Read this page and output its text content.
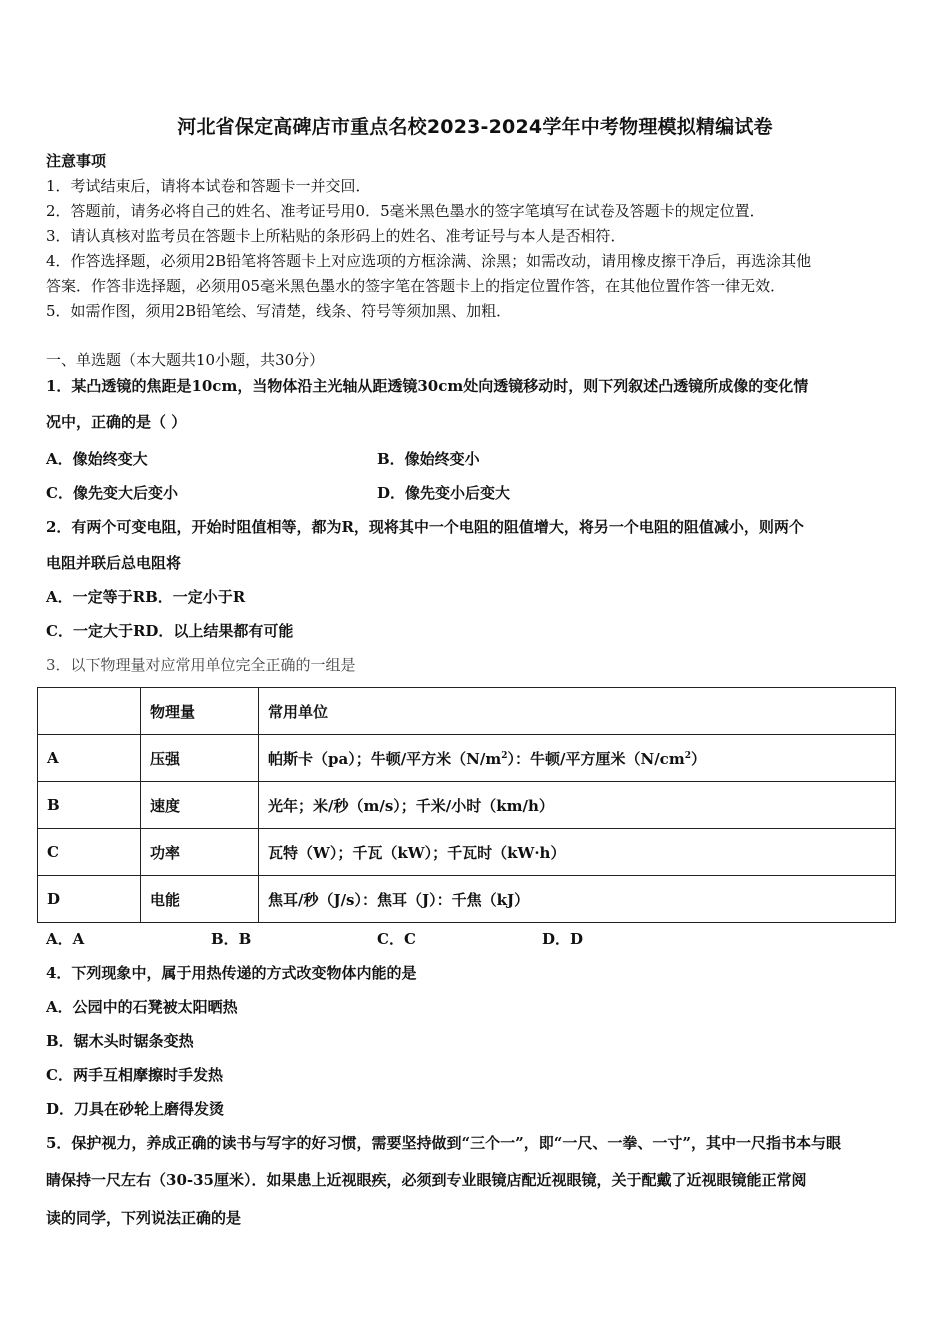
河北省保定高碑店市重点名校2023-2024学年中考物理模拟精编试卷
注意事项
1．考试结束后，请将本试卷和答题卡一并交回．
2．答题前，请务必将自己的姓名、准考证号用0．5毫米黑色墨水的签字笔填写在试卷及答题卡的规定位置．
3．请认真核对监考员在答题卡上所粘贴的条形码上的姓名、准考证号与本人是否相符．
4．作答选择题，必须用2B铅笔将答题卡上对应选项的方框涂满、涂黑；如需改动，请用橡皮擦干净后，再选涂其他
答案．作答非选择题，必须用05毫米黑色墨水的签字笔在答题卡上的指定位置作答，在其他位置作答一律无效．
5．如需作图，须用2B铅笔绘、写清楚，线条、符号等须加黑、加粗．
一、单选题（本大题共10小题，共30分）
1．某凸透镜的焦距是10cm，当物体沿主光轴从距透镜30cm处向透镜移动时，则下列叙述凸透镜所成像的变化情
况中，正确的是（ ）
A．像始终变大	B．像始终变小
C．像先变大后变小	D．像先变小后变大
2．有两个可变电阻，开始时阻值相等，都为R，现将其中一个电阻的阻值增大，将另一个电阻的阻值减小，则两个
电阻并联后总电阻将
A．一定等于RB．一定小于R
C．一定大于RD．以上结果都有可能
3．以下物理量对应常用单位完全正确的一组是
	物理量	常用单位
A	压强	帕斯卡（pa）；牛顿/平方米$(N/m^2)$：牛顿/平方厘米$(N/cm^2)$
B	速度	光年；米/秒（m/s）；千米/小时（km/h）
C	功率	瓦特（W）；千瓦（kW）；千瓦时（kW·h）
D	电能	焦耳/秒（J/s）：焦耳（J）：千焦（kJ）
A．A	B．B	C．C	D．D
4．下列现象中，属于用热传递的方式改变物体内能的是
A．公园中的石凳被太阳晒热
B．锯木头时锯条变热
C．两手互相摩擦时手发热
D．刀具在砂轮上磨得发烫
5．保护视力，养成正确的读书与写字的好习惯，需要坚持做到“三个一”，即“一尺、一拳、一寸”，其中一尺指书本与眼
睛保持一尺左右（30-35厘米）．如果患上近视眼疾，必须到专业眼镜店配近视眼镜，关于配戴了近视眼镜能正常阅
读的同学，下列说法正确的是
